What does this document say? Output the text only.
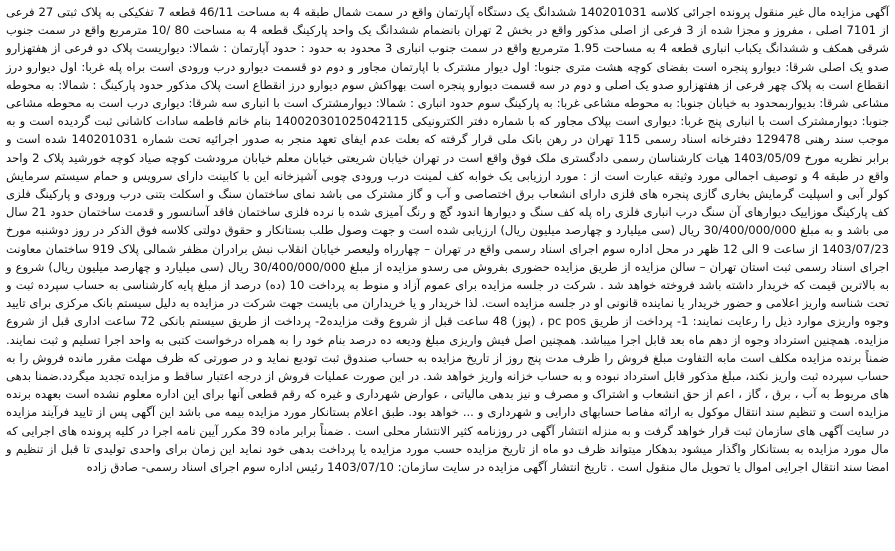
آگهی مزایده مال غیر منقول پرونده اجرائی کلاسه 140201031 ششدانگ یک دستگاه آپارتمان واقع در سمت شمال طبقه 4 به مساحت 46/11 قطعه 7 تفکیکی به پلاک ثبتی 27 فرعی از 7101 اصلی ، مفروز و مجزا شده از 3 فرعی از اصلی مذکور واقع در بخش 2 تهران بانضمام ششدانگ یک واحد پارکینگ قطعه 4 به مساحت 80 /10 مترمربع واقع در سمت جنوب شرقی همکف و ششدانگ یکباب انباری قطعه 4 به مساحت 1.95 مترمربع واقع در سمت جنوب انباری 3 محدود به حدود : حدود آپارتمان : شمالا: دیواریست پلاک دو فرعی از هفتهزارو صدو یک اصلی شرقا: دیوارو پنجره است بفضای کوچه هشت متری جنوبا: اول دیوار مشترک با اپارتمان مجاور و دوم دو قسمت دیوارو درب ورودی است براه پله غربا: اول دیوارو درز انقطاع است به پلاک چهر فرعی از هفتهزارو صدو یک اصلی و دوم در سه قسمت دیوارو پنجره است بهواکش سوم دیوارو درز انقطاع است پلاک مذکور حدود پارکینگ : شمالا: به محوطه مشاعی شرقا: بدیواربمحدود به خیابان جنوبا: به محوطه مشاعی غربا: به پارکینگ سوم حدود انباری : شمالا: دیوارمشترک است با انباری سه شرقا: دیواری درب است به محوطه مشاعی جنوبا: دیوارمشترک است با انباری پنج غربا: دیواری است بپلاک مجاور که با شماره دفتر الکترونیکی 140020301025042115 بنام خانم فاطمه سادات کاشانی ثبت گردیده است و به موجب سند رهنی 129478 دفترخانه اسناد رسمی 115 تهران در رهن بانک ملی قرار گرفته که بعلت عدم ایفای تعهد منجر به صدور اجرائیه تحت شماره 140201031 شده است و برابر نظریه مورخ 1403/05/09 هیات کارشناسان رسمی دادگستری ملک فوق واقع است در تهران خیابان شریعتی خیابان معلم خیابان مرودشت کوچه صیاد کوچه خورشید پلاک 2 واحد واقع در طبقه 4 و توصیف اجمالی مورد وثیقه عبارت است از : مورد ارزیابی یک خوابه کف لمینت درب ورودی چوبی آشپزخانه این با کابینت دارای سرویس و حمام سیستم سرمایش کولر آبی و اسپلیت گرمایش بخاری گازی پنجره های فلزی دارای انشعاب برق اختصاصی و آب و گاز مشترک می باشد نمای ساختمان سنگ و اسکلت بتنی درب ورودی و پارکینگ فلزی کف پارکینگ موزاییک دیوارهای آن سنگ درب انباری فلزی راه پله کف سنگ و دیوارها اندود گچ و رنگ آمیزی شده با نرده فلزی ساختمان فاقد آسانسور و قدمت ساختمان حدود 21 سال می باشد و به مبلغ 30/400/000/000 ریال (سی میلیارد و چهارصد میلیون ریال) ارزیابی شده است و جهت وصول طلب بستانکار و حقوق دولتی کلاسه فوق الذکر در روز دوشنبه مورخ 1403/07/23 از ساعت 9 الی 12 ظهر در محل اداره سوم اجرای اسناد رسمی واقع در تهران – چهارراه ولیعصر خیابان انقلاب نبش برادران مظفر شمالی پلاک 919 ساختمان معاونت اجرای اسناد رسمی ثبت استان تهران – سالن مزایده از طریق مزایده حضوری بفروش می رسدو مزایده از مبلغ 30/400/000/000 ریال (سی میلیارد و چهارصد میلیون ریال) شروع و به بالاترین قیمت که خریدار داشته باشد فروخته خواهد شد . شرکت در جلسه مزایده برای عموم آزاد و منوط به پرداخت 10 (ده) درصد از مبلغ پایه کارشناسی به حساب سپرده ثبت و تحت شناسه واریز اعلامی و حضور خریدار یا نماینده قانونی او در جلسه مزایده است. لذا خریدار و یا خریداران می بایست جهت شرکت در مزایده به دلیل سیستم بانک مرکزی برای تایید وجوه واریزی موارد ذیل را رعایت نمایند: 1- پرداخت از طریق pc pos ، (پوز) 48 ساعت قبل از شروع وقت مزایده2- پرداخت از طریق سیستم بانکی 72 ساعت اداری قبل از شروع مزایده. همچنین استرداد وجوه از دهم ماه بعد قابل اجرا میباشد. همچنین اصل فیش واریزی مبلغ ودیعه ده درصد بنام خود را به همراه درخواست کتبی به واحد اجرا تسلیم و ثبت نمایند. ضمناً برنده مزایده مکلف است مابه التفاوت مبلغ فروش را ظرف مدت پنج روز از تاریخ مزایده به حساب صندوق ثبت تودیع نماید و در صورتی که ظرف مهلت مقرر مانده فروش را به حساب سپرده ثبت واریز نکند، مبلغ مذکور قابل استرداد نبوده و به حساب خزانه واریز خواهد شد. در این صورت عملیات فروش از درجه اعتبار ساقط و مزایده تجدید میگردد.ضمنا بدهی های مربوط به آب ، برق ، گاز ، اعم از حق انشعاب و اشتراک و مصرف و نیز بدهی مالیاتی ، عوارض شهرداری و غیره که رقم قطعی آنها برای این اداره معلوم نشده است بعهده برنده مزایده است و تنظیم سند انتقال موکول به ارائه مفاصا حسابهای دارایی و شهرداری و ... خواهد بود. طبق اعلام بستانکار مورد مزایده بیمه می باشد این آگهی پس از تایید فرآیند مزایده در سایت آگهی های سازمان ثبت قرار خواهد گرفت و به منزله انتشار آگهی در روزنامه کثیر الانتشار محلی است . ضمناً برابر ماده 39 مکرر آیین نامه اجرا در کلیه پرونده های اجرایی که مال مورد مزایده به بستانکار واگذار میشود بدهکار میتواند ظرف دو ماه از تاریخ مزایده حسب مورد مزایده یا پرداخت بدهی خود نماید این زمان برای واحدی تولیدی تا قبل از تنظیم و امضا سند انتقال اجرایی اموال یا تحویل مال منقول است . تاریخ انتشار آگهی مزایده در سایت سازمان: 1403/07/10 رئیس اداره سوم اجرای اسناد رسمی- صادق زاده
